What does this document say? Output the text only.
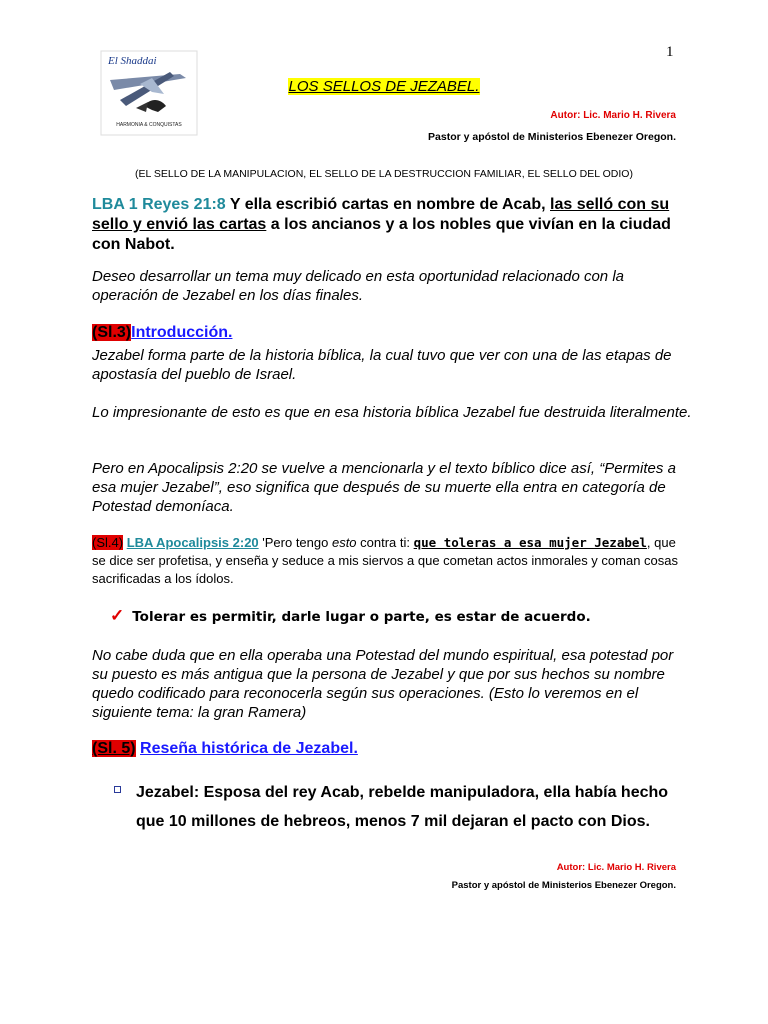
1
El Shaddai
HARMONIA & CONQUISTAS
LOS SELLOS DE JEZABEL.
Autor: Lic. Mario H. Rivera
Pastor y apóstol de Ministerios Ebenezer Oregon.
(EL SELLO DE LA MANIPULACION, EL SELLO DE LA DESTRUCCION FAMILIAR, EL SELLO DEL ODIO)
LBA 1 Reyes 21:8 Y ella escribió cartas en nombre de Acab, las selló con su sello y envió las cartas a los ancianos y a los nobles que vivían en la ciudad con Nabot.
Deseo desarrollar un tema muy delicado en esta oportunidad relacionado con la operación de Jezabel en los días finales.
(Sl.3)Introducción.
Jezabel forma parte de la historia bíblica, la cual tuvo que ver con una de las etapas de apostasía del pueblo de Israel.
Lo impresionante de esto es que en esa historia bíblica Jezabel fue destruida literalmente.
Pero en Apocalipsis 2:20 se vuelve a mencionarla y el texto bíblico dice así, “Permites a esa mujer Jezabel”, eso significa que después de su muerte ella entra en categoría de Potestad demoníaca.
(Sl.4) LBA Apocalipsis 2:20 'Pero tengo esto contra ti: que toleras a esa mujer Jezabel, que se dice ser profetisa, y enseña y seduce a mis siervos a que cometan actos inmorales y coman cosas sacrificadas a los ídolos.
✓ Tolerar es permitir, darle lugar o parte, es estar de acuerdo.
No cabe duda que en ella operaba una Potestad del mundo espiritual, esa potestad por su puesto es más antigua que la persona de Jezabel y que por sus hechos su nombre quedo codificado para reconocerla según sus operaciones. (Esto lo veremos en el siguiente tema: la gran Ramera)
(Sl. 5) Reseña histórica de Jezabel.
Jezabel: Esposa del rey Acab, rebelde manipuladora, ella había hecho que 10 millones de hebreos, menos 7 mil dejaran el pacto con Dios.
Autor: Lic. Mario H. Rivera
Pastor y apóstol de Ministerios Ebenezer Oregon.
